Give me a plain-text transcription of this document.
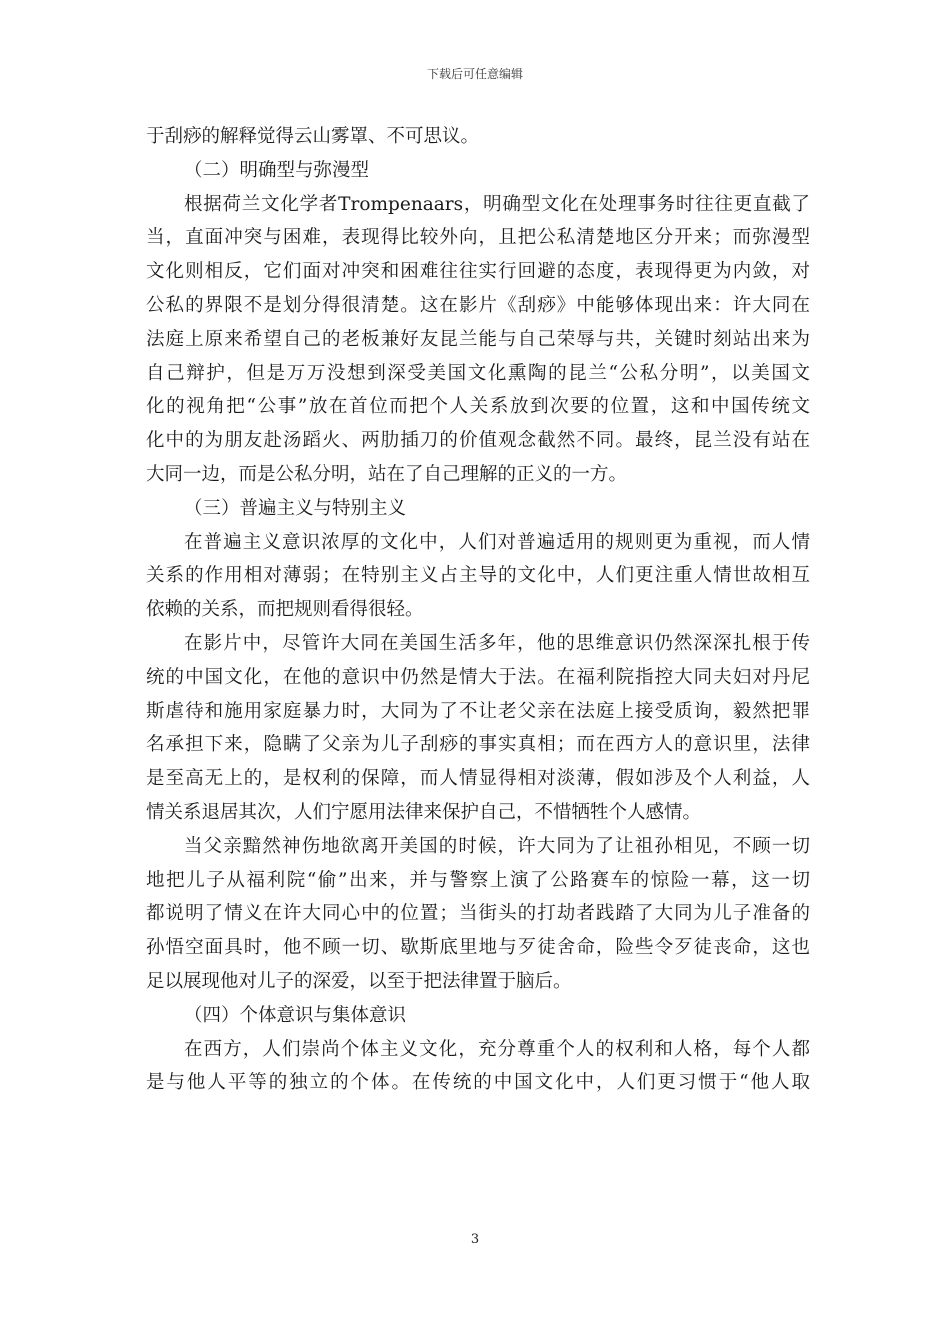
下载后可任意编辑
于刮痧的解释觉得云山雾罩、不可思议。
（二）明确型与弥漫型
根据荷兰文化学者Trompenaars，明确型文化在处理事务时往往更直截了
当，直面冲突与困难，表现得比较外向，且把公私清楚地区分开来；而弥漫型
文化则相反，它们面对冲突和困难往往实行回避的态度，表现得更为内敛，对
公私的界限不是划分得很清楚。这在影片《刮痧》中能够体现出来：许大同在
法庭上原来希望自己的老板兼好友昆兰能与自己荣辱与共，关键时刻站出来为
自己辩护，但是万万没想到深受美国文化熏陶的昆兰“公私分明”，以美国文
化的视角把“公事”放在首位而把个人关系放到次要的位置，这和中国传统文
化中的为朋友赴汤蹈火、两肋插刀的价值观念截然不同。最终，昆兰没有站在
大同一边，而是公私分明，站在了自己理解的正义的一方。
（三）普遍主义与特别主义
在普遍主义意识浓厚的文化中，人们对普遍适用的规则更为重视，而人情
关系的作用相对薄弱；在特别主义占主导的文化中，人们更注重人情世故相互
依赖的关系，而把规则看得很轻。
在影片中，尽管许大同在美国生活多年，他的思维意识仍然深深扎根于传
统的中国文化，在他的意识中仍然是情大于法。在福利院指控大同夫妇对丹尼
斯虐待和施用家庭暴力时，大同为了不让老父亲在法庭上接受质询，毅然把罪
名承担下来，隐瞒了父亲为儿子刮痧的事实真相；而在西方人的意识里，法律
是至高无上的，是权利的保障，而人情显得相对淡薄，假如涉及个人利益，人
情关系退居其次，人们宁愿用法律来保护自己，不惜牺牲个人感情。
当父亲黯然神伤地欲离开美国的时候，许大同为了让祖孙相见，不顾一切
地把儿子从福利院“偷”出来，并与警察上演了公路赛车的惊险一幕，这一切
都说明了情义在许大同心中的位置；当街头的打劫者践踏了大同为儿子准备的
孙悟空面具时，他不顾一切、歇斯底里地与歹徒舍命，险些令歹徒丧命，这也
足以展现他对儿子的深爱，以至于把法律置于脑后。
（四）个体意识与集体意识
在西方，人们崇尚个体主义文化，充分尊重个人的权利和人格，每个人都
是与他人平等的独立的个体。在传统的中国文化中，人们更习惯于“他人取
3
